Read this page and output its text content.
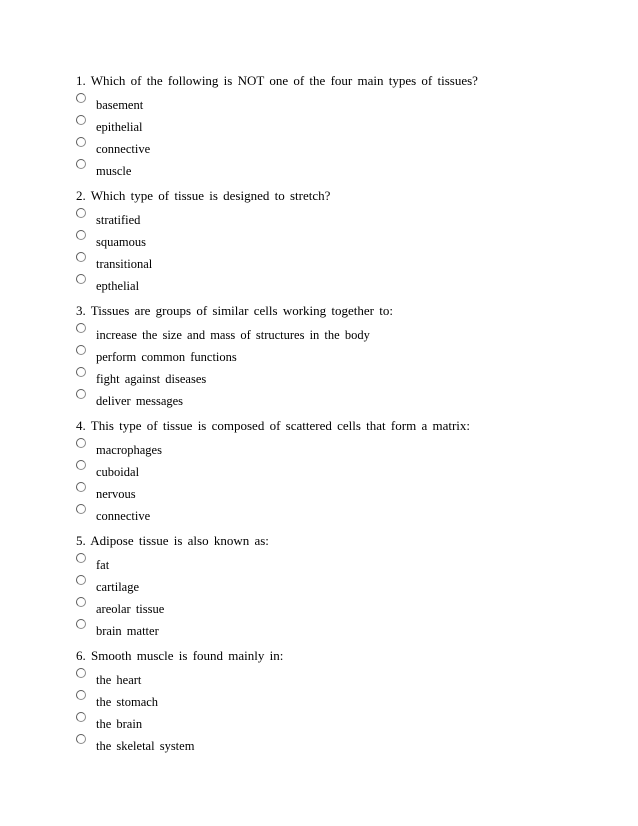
1. Which of the following is NOT one of the four main types of tissues?
basement
epithelial
connective
muscle
2. Which type of tissue is designed to stretch?
stratified
squamous
transitional
epthelial
3. Tissues are groups of similar cells working together to:
increase the size and mass of structures in the body
perform common functions
fight against diseases
deliver messages
4. This type of tissue is composed of scattered cells that form a matrix:
macrophages
cuboidal
nervous
connective
5. Adipose tissue is also known as:
fat
cartilage
areolar tissue
brain matter
6. Smooth muscle is found mainly in:
the heart
the stomach
the brain
the skeletal system
